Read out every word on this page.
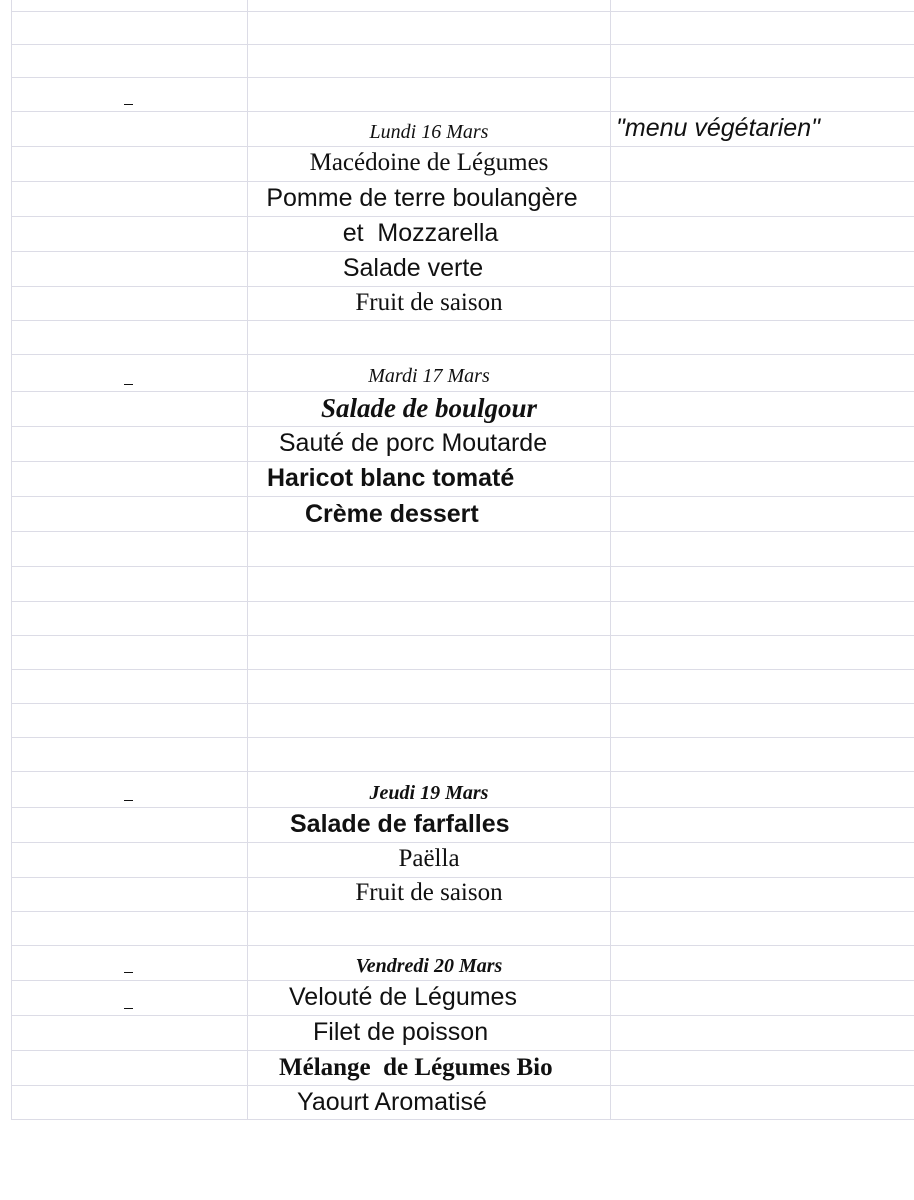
Lundi 16 Mars	"menu végétarien"
Macédoine de Légumes
Pomme de terre boulangère
et  Mozzarella
Salade verte
Fruit de saison
Mardi 17 Mars
Salade de boulgour
Sauté de porc Moutarde
Haricot blanc tomaté
Crème dessert
Jeudi 19 Mars
Salade de farfalles
Paëlla
Fruit de saison
Vendredi 20 Mars
Velouté de Légumes
Filet de poisson
Mélange  de Légumes Bio
Yaourt Aromatisé
